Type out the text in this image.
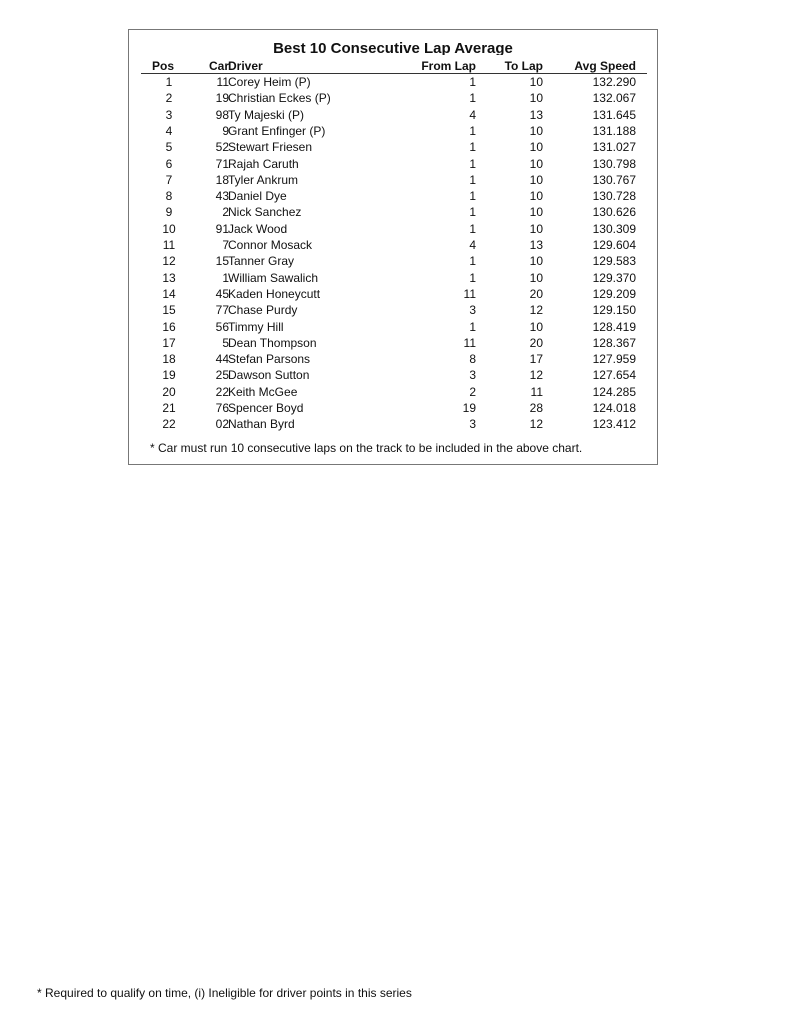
Best 10 Consecutive Lap Average
Pos	Car Driver	From Lap	To Lap	Avg Speed
1	11 Corey Heim (P)	1	10	132.290
2	19 Christian Eckes (P)	1	10	132.067
3	98 Ty Majeski (P)	4	13	131.645
4	9 Grant Enfinger (P)	1	10	131.188
5	52 Stewart Friesen	1	10	131.027
6	71 Rajah Caruth	1	10	130.798
7	18 Tyler Ankrum	1	10	130.767
8	43 Daniel Dye	1	10	130.728
9	2 Nick Sanchez	1	10	130.626
10	91 Jack Wood	1	10	130.309
11	7 Connor Mosack	4	13	129.604
12	15 Tanner Gray	1	10	129.583
13	1 William Sawalich	1	10	129.370
14	45 Kaden Honeycutt	11	20	129.209
15	77 Chase Purdy	3	12	129.150
16	56 Timmy Hill	1	10	128.419
17	5 Dean Thompson	11	20	128.367
18	44 Stefan Parsons	8	17	127.959
19	25 Dawson Sutton	3	12	127.654
20	22 Keith McGee	2	11	124.285
21	76 Spencer Boyd	19	28	124.018
22	02 Nathan Byrd	3	12	123.412
* Car must run 10 consecutive laps on the track to be included in the above chart.
* Required to qualify on time, (i) Ineligible for driver points in this series
